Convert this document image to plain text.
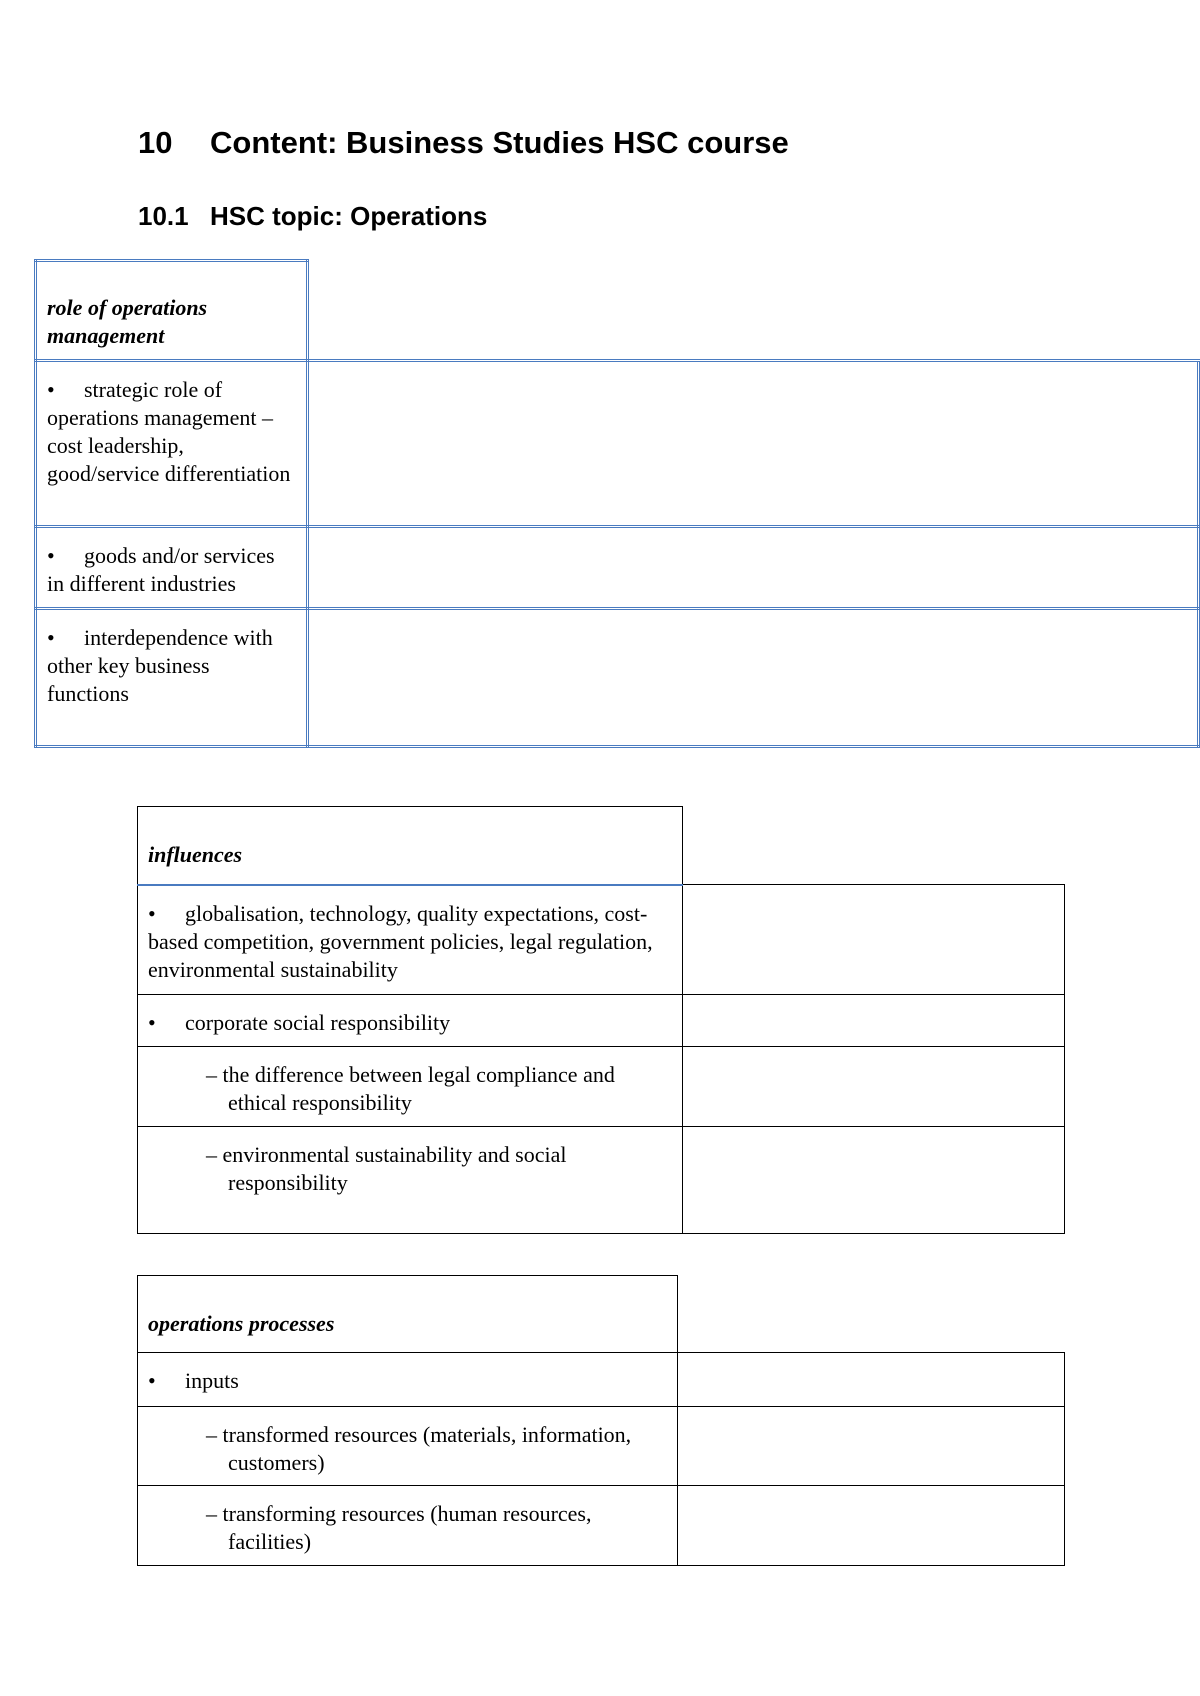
10 Content: Business Studies HSC course
10.1 HSC topic: Operations
role of operations management	
• strategic role of operations management – cost leadership, good/service differentiation	
• goods and/or services in different industries	
• interdependence with other key business functions	
influences	
• globalisation, technology, quality expectations, cost-based competition, government policies, legal regulation, environmental sustainability	
• corporate social responsibility	

– the difference between legal compliance and ethical responsibility	

– environmental sustainability and social responsibility	

operations processes	
• inputs	

– transformed resources (materials, information, customers)	

– transforming resources (human resources, facilities)	
